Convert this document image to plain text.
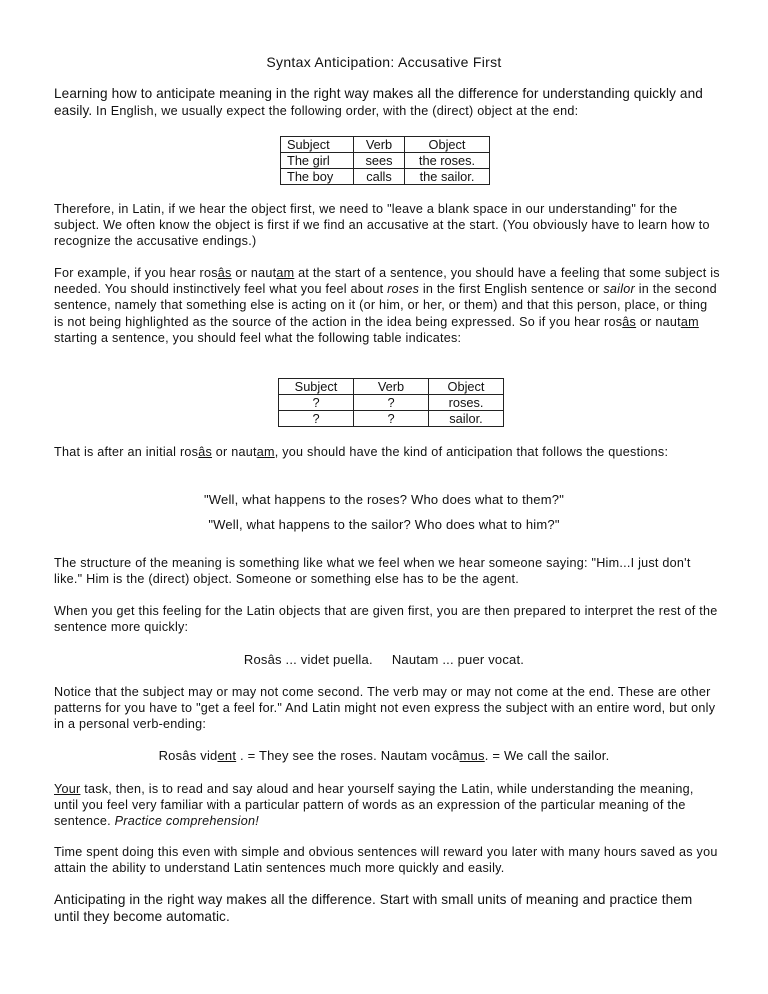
Syntax Anticipation: Accusative First

Learning how to anticipate meaning in the right way makes all the difference for understanding quickly and easily. In English, we usually expect the following order, with the (direct) object at the end:

Subject	Verb	Object
The girl	sees	the roses.
The boy	calls	the sailor.

Therefore, in Latin, if we hear the object first, we need to "leave a blank space in our understanding" for the subject. We often know the object is first if we find an accusative at the start. (You obviously have to learn how to recognize the accusative endings.)

For example, if you hear rosâs or nautam at the start of a sentence, you should have a feeling that some subject is needed. You should instinctively feel what you feel about roses in the first English sentence or sailor in the second sentence, namely that something else is acting on it (or him, or her, or them) and that this person, place, or thing is not being highlighted as the source of the action in the idea being expressed. So if you hear rosâs or nautam starting a sentence, you should feel what the following table indicates:

Subject	Verb	Object
?	?	roses.
?	?	sailor.

That is after an initial rosâs or nautam, you should have the kind of anticipation that follows the questions:

"Well, what happens to the roses? Who does what to them?"
"Well, what happens to the sailor? Who does what to him?"

The structure of the meaning is something like what we feel when we hear someone saying: "Him...I just don't like." Him is the (direct) object. Someone or something else has to be the agent.

When you get this feeling for the Latin objects that are given first, you are then prepared to interpret the rest of the sentence more quickly:

Rosâs ... videt puella.     Nautam ... puer vocat.

Notice that the subject may or may not come second. The verb may or may not come at the end. These are other patterns for you have to "get a feel for." And Latin might not even express the subject with an entire word, but only in a personal verb-ending:

Rosâs vident . = They see the roses. Nautam vocâmus. = We call the sailor.

Your task, then, is to read and say aloud and hear yourself saying the Latin, while understanding the meaning, until you feel very familiar with a particular pattern of words as an expression of the particular meaning of the sentence. Practice comprehension!

Time spent doing this even with simple and obvious sentences will reward you later with many hours saved as you attain the ability to understand Latin sentences much more quickly and easily.

Anticipating in the right way makes all the difference. Start with small units of meaning and practice them until they become automatic.
